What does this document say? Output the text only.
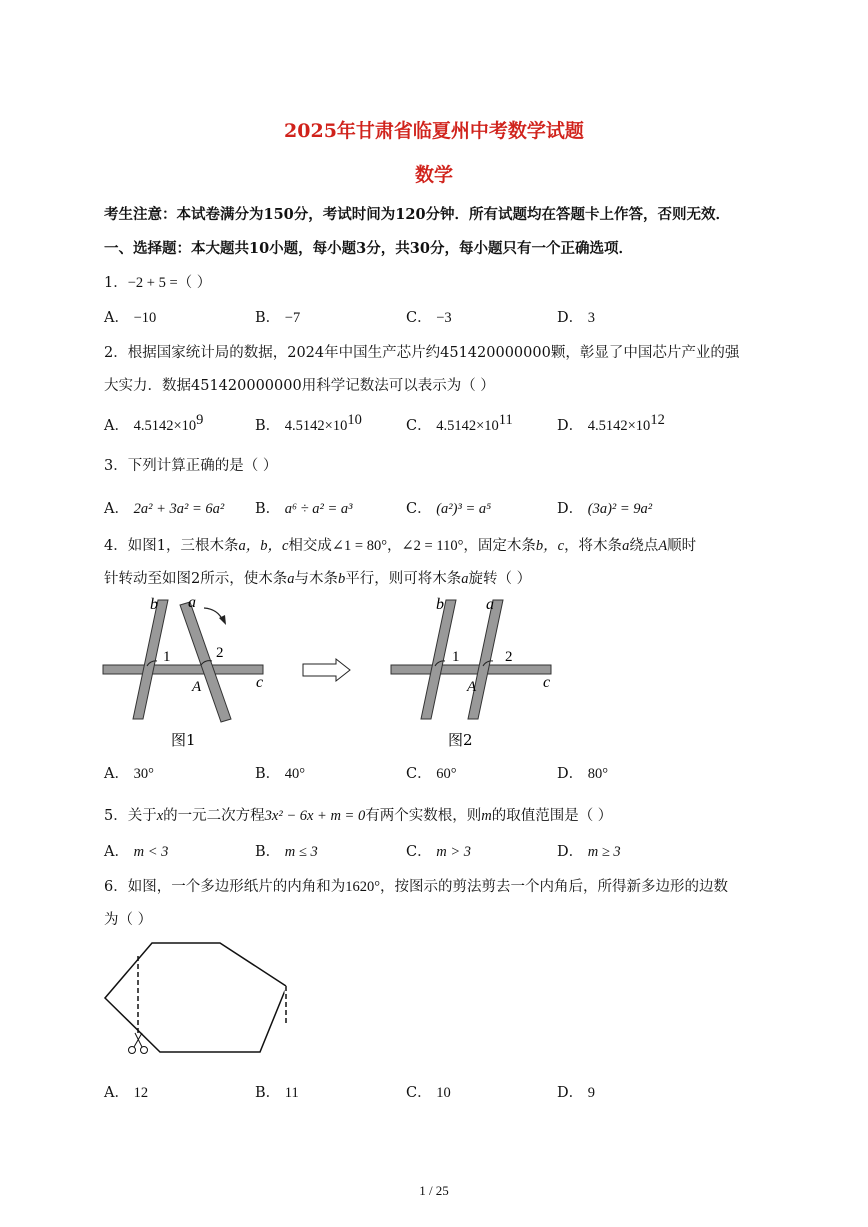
2025年甘肃省临夏州中考数学试题
数学
考生注意：本试卷满分为150分，考试时间为120分钟．所有试题均在答题卡上作答，否则无效．
一、选择题：本大题共10小题，每小题3分，共30分，每小题只有一个正确选项．
1．−2 + 5 =（ ）
A． −10	B． −7	C． −3	D． 3
2．根据国家统计局的数据，2024年中国生产芯片约451420000000颗，彰显了中国芯片产业的强
大实力．数据451420000000用科学记数法可以表示为（ ）
A． $4.5142\times 10^9$	B． $4.5142\times 10^{10}$	C． $4.5142\times 10^{11}$	D． $4.5142\times 10^{12}$
3．下列计算正确的是（ ）
A． 2a² + 3a² = 6a² B． a⁶ ÷ a² = a³	C． (a²)³ = a⁵	D． (3a)² = 9a²
4．如图1，三根木条a，b，c相交成∠1 = 80°，∠2 = 110°，固定木条b，c，将木条a绕点A顺时
针转动至如图2所示，使木条a与木条b平行，则可将木条a旋转（ ）
b a
1	2
A	c
图1
b	a
1	2
A	c
图2
A． 30°	B． 40°	C． 60°	D． 80°
5．关于x的一元二次方程3x² − 6x + m = 0有两个实数根，则m的取值范围是（ ）
A． m < 3	B． m ≤ 3	C． m > 3	D． m ≥ 3
6．如图，一个多边形纸片的内角和为1620°，按图示的剪法剪去一个内角后，所得新多边形的边数
为（ ）
A． 12	B． 11	C． 10	D． 9
1 / 25
